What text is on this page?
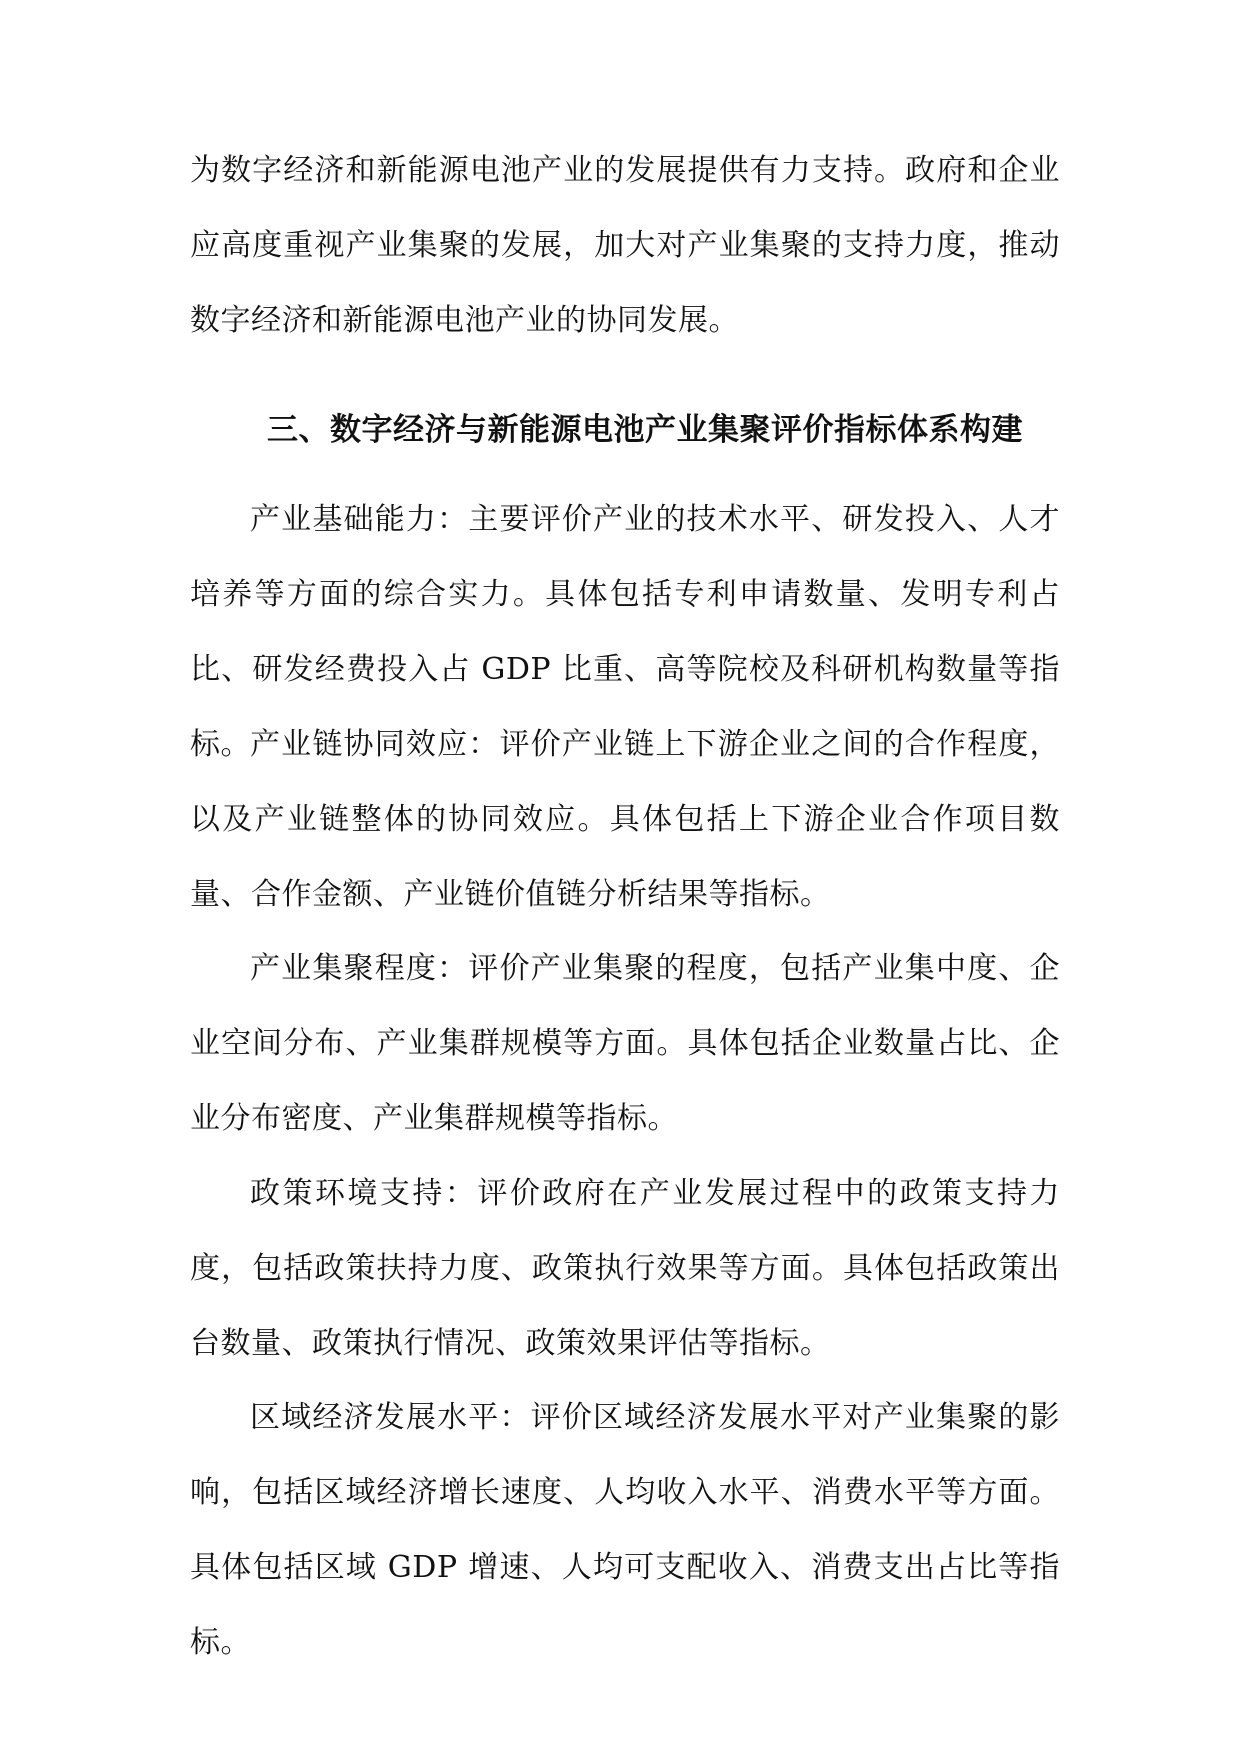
为数字经济和新能源电池产业的发展提供有力支持。政府和企业应高度重视产业集聚的发展，加大对产业集聚的支持力度，推动数字经济和新能源电池产业的协同发展。

三、数字经济与新能源电池产业集聚评价指标体系构建

产业基础能力：主要评价产业的技术水平、研发投入、人才培养等方面的综合实力。具体包括专利申请数量、发明专利占比、研发经费投入占 GDP 比重、高等院校及科研机构数量等指标。 产业链协同效应：评价产业链上下游企业之间的合作程度，以及产业链整体的协同效应。具体包括上下游企业合作项目数量、合作金额、产业链价值链分析结果等指标。

产业集聚程度：评价产业集聚的程度，包括产业集中度、企业空间分布、产业集群规模等方面。具体包括企业数量占比、企业分布密度、产业集群规模等指标。

政策环境支持：评价政府在产业发展过程中的政策支持力度，包括政策扶持力度、政策执行效果等方面。具体包括政策出台数量、政策执行情况、政策效果评估等指标。

区域经济发展水平：评价区域经济发展水平对产业集聚的影响，包括区域经济增长速度、人均收入水平、消费水平等方面。具体包括区域 GDP 增速、人均可支配收入、消费支出占比等指标。
